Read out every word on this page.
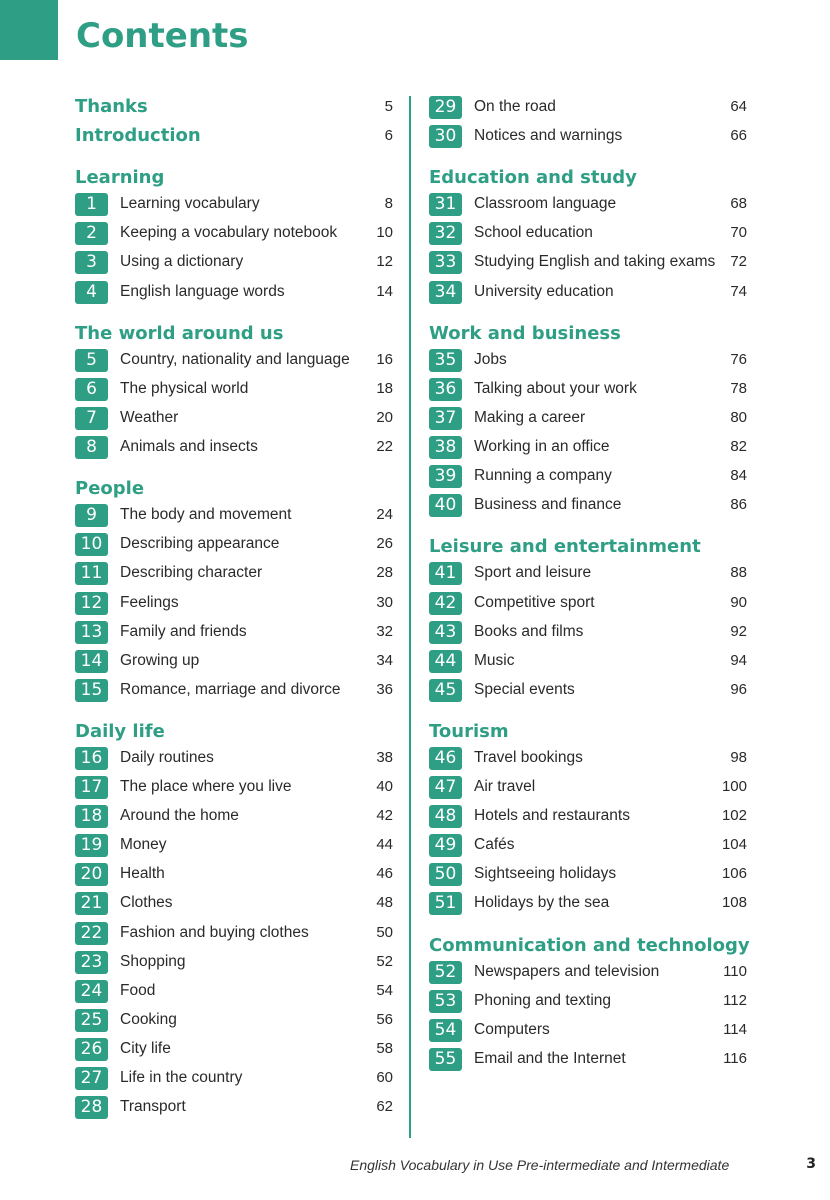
Contents
Thanks	5
Introduction	6
Learning
1	Learning vocabulary	8
2	Keeping a vocabulary notebook	10
3	Using a dictionary	12
4	English language words	14
The world around us
5	Country, nationality and language 16
6	The physical world	18
7	Weather	20
8	Animals and insects	22
People
9	The body and movement	24
10	Describing appearance	26
11	Describing character	28
12	Feelings	30
13	Family and friends	32
14	Growing up	34
15	Romance, marriage and divorce 36
Daily life
16	Daily routines	38
17	The place where you live	40
18	Around the home	42
19	Money	44
20	Health	46
21	Clothes	48
22	Fashion and buying clothes	50
23	Shopping	52
24	Food	54
25	Cooking	56
26	City life	58
27	Life in the country	60
28	Transport	62
29	On the road	64
30	Notices and warnings	66
Education and study
31	Classroom language	68
32	School education	70
33	Studying English and taking exams 72
34	University education	74
Work and business
35	Jobs	76
36	Talking about your work	78
37	Making a career	80
38	Working in an office	82
39	Running a company	84
40	Business and finance	86
Leisure and entertainment
41	Sport and leisure	88
42	Competitive sport	90
43	Books and films	92
44	Music	94
45	Special events	96
Tourism
46	Travel bookings	98
47	Air travel	100
48	Hotels and restaurants	102
49	Cafés	104
50	Sightseeing holidays	106
51	Holidays by the sea	108
Communication and technology
52	Newspapers and television	110
53	Phoning and texting	112
54	Computers	114
55	Email and the Internet	116
English Vocabulary in Use Pre-intermediate and Intermediate	3
